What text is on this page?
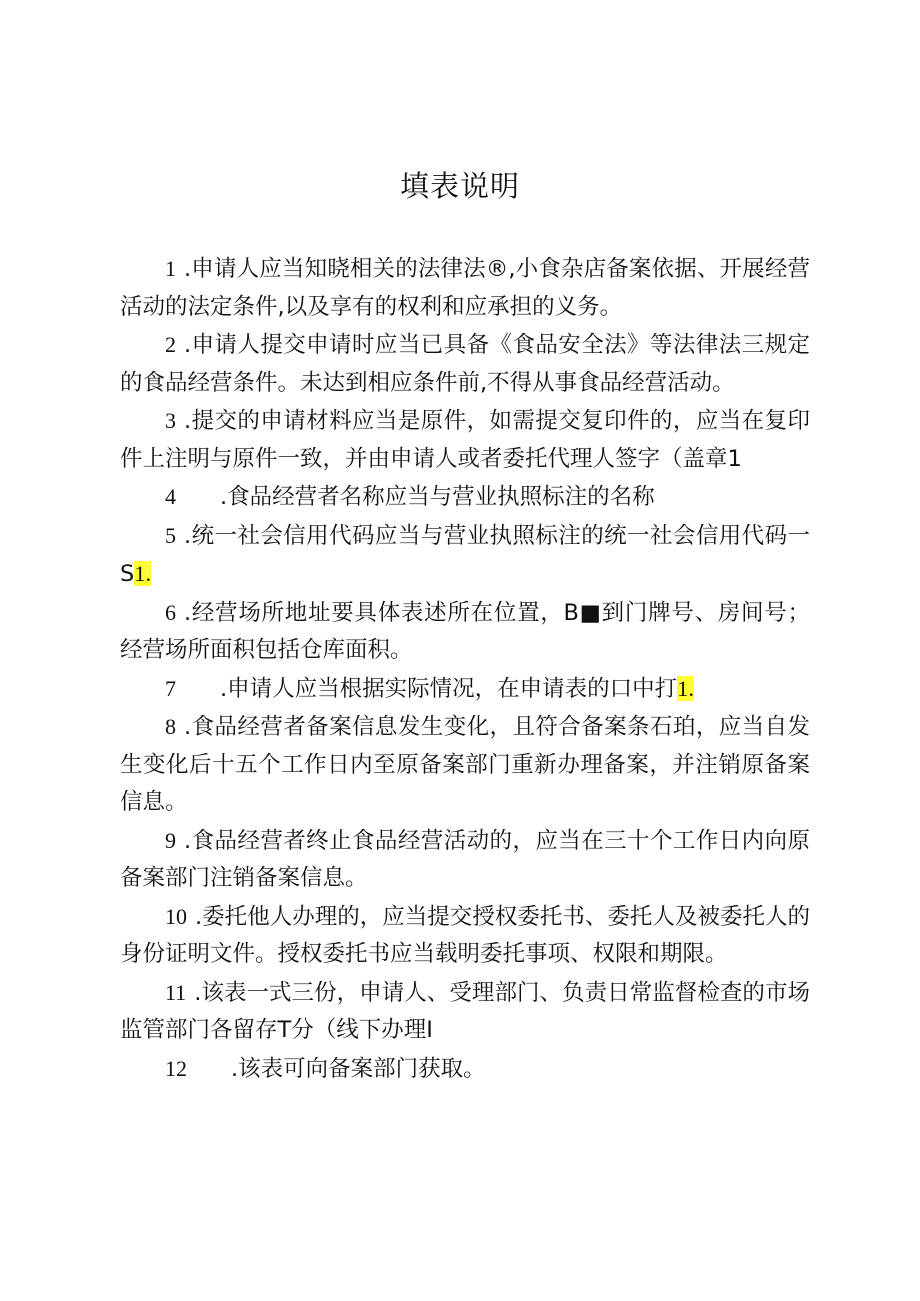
填表说明
1 .申请人应当知晓相关的法律法®,小食杂店备案依据、开展经营活动的法定条件,以及享有的权利和应承担的义务。
2 .申请人提交申请时应当已具备《食品安全法》等法律法三规定的食品经营条件。未达到相应条件前,不得从事食品经营活动。
3 .提交的申请材料应当是原件，如需提交复印件的，应当在复印件上注明与原件一致，并由申请人或者委托代理人签字（盖章1
4 .食品经营者名称应当与营业执照标注的名称
5 .统一社会信用代码应当与营业执照标注的统一社会信用代码一S1.
6 .经营场所地址要具体表述所在位置，B■到门牌号、房间号；经营场所面积包括仓库面积。
7 .申请人应当根据实际情况，在申请表的口中打1.
8 .食品经营者备案信息发生变化，且符合备案条石珀，应当自发生变化后十五个工作日内至原备案部门重新办理备案，并注销原备案信息。
9 .食品经营者终止食品经营活动的，应当在三十个工作日内向原备案部门注销备案信息。
10 .委托他人办理的，应当提交授权委托书、委托人及被委托人的身份证明文件。授权委托书应当载明委托事项、权限和期限。
11 .该表一式三份，申请人、受理部门、负责日常监督检查的市场监管部门各留存T分（线下办理I
12 .该表可向备案部门获取。
